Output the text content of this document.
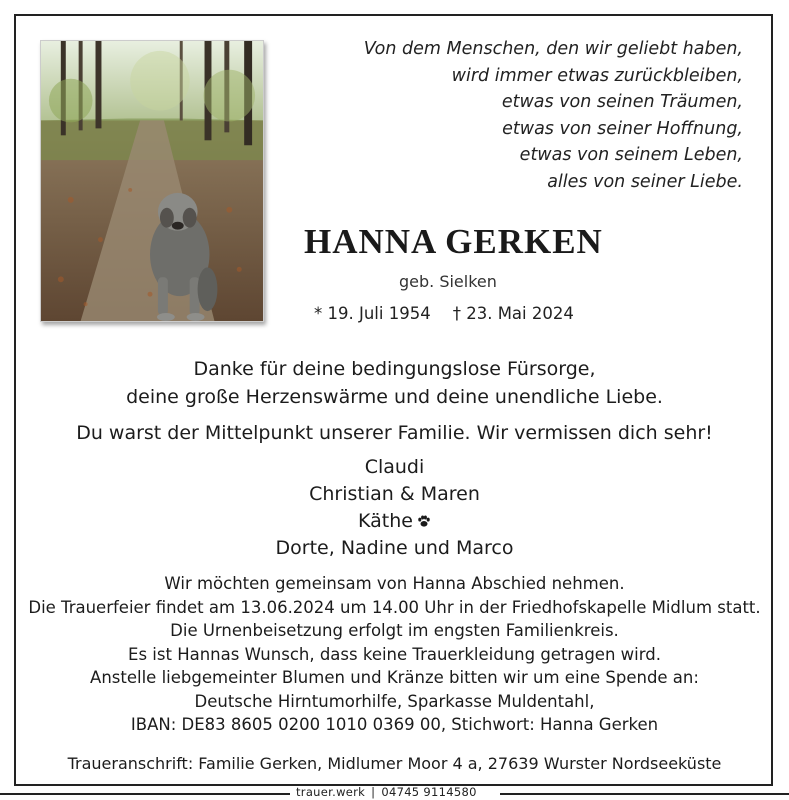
Von dem Menschen, den wir geliebt haben,
wird immer etwas zurückbleiben,
etwas von seinen Träumen,
etwas von seiner Hoffnung,
etwas von seinem Leben,
alles von seiner Liebe.
HANNA GERKEN
geb. Sielken
* 19. Juli 1954 † 23. Mai 2024
Danke für deine bedingungslose Fürsorge,
deine große Herzenswärme und deine unendliche Liebe.
Du warst der Mittelpunkt unserer Familie. Wir vermissen dich sehr!
Claudi
Christian & Maren
Käthe
Dorte, Nadine und Marco
Wir möchten gemeinsam von Hanna Abschied nehmen.
Die Trauerfeier findet am 13.06.2024 um 14.00 Uhr in der Friedhofskapelle Midlum statt.
Die Urnenbeisetzung erfolgt im engsten Familienkreis.
Es ist Hannas Wunsch, dass keine Trauerkleidung getragen wird.
Anstelle liebgemeinter Blumen und Kränze bitten wir um eine Spende an:
Deutsche Hirntumorhilfe, Sparkasse Muldentahl,
IBAN: DE83 8605 0200 1010 0369 00, Stichwort: Hanna Gerken
Traueranschrift: Familie Gerken, Midlumer Moor 4 a, 27639 Wurster Nordseeküste
trauer.werk | 04745 9114580
